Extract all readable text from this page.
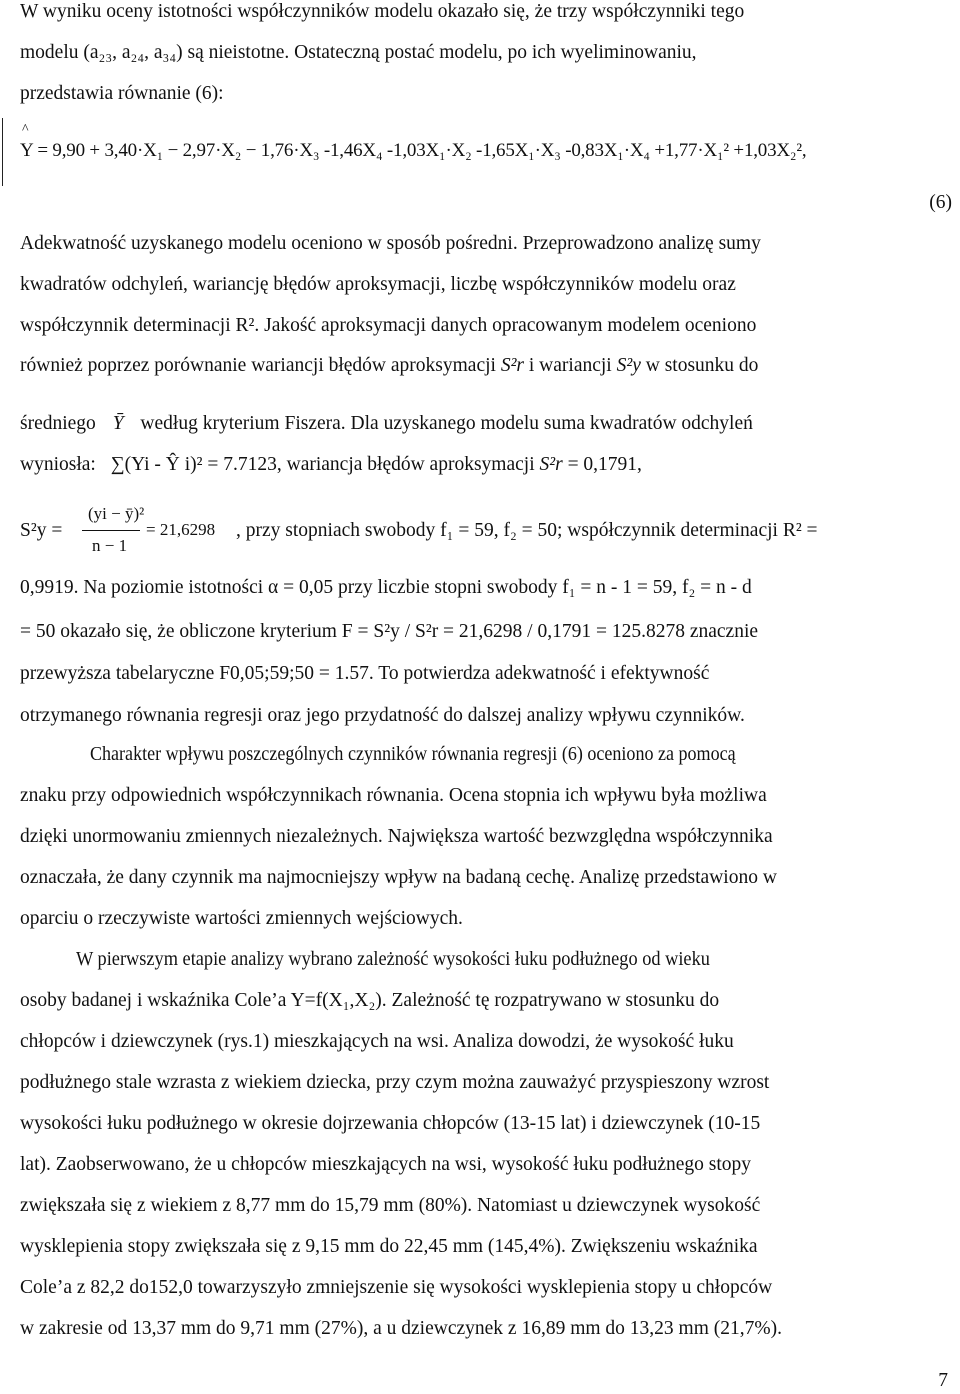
W wyniku oceny istotności współczynników modelu okazało się, że trzy współczynniki tego
modelu (a₂₃, a₂₄, a₃₄) są nieistotne. Ostateczną postać modelu, po ich wyeliminowaniu,
przedstawia równanie (6):
^
Y = 9,90 + 3,40·X₁ − 2,97·X₂ − 1,76·X₃ -1,46X₄ -1,03X₁·X₂ -1,65X₁·X₃ -0,83X₁·X₄ +1,77·X₁² +1,03X₂²,
(6)
Adekwatność uzyskanego modelu oceniono w sposób pośredni. Przeprowadzono analizę sumy
kwadratów odchyleń, wariancję błędów aproksymacji, liczbę współczynników modelu oraz
współczynnik determinacji R². Jakość aproksymacji danych opracowanym modelem oceniono
również poprzez porównanie wariancji błędów aproksymacji S²r i wariancji S²y w stosunku do
średniego Ȳ według kryterium Fiszera. Dla uzyskanego modelu suma kwadratów odchyleń
wyniosła: ∑(Yi - Ŷ i)² = 7.7123, wariancja błędów aproksymacji S²r = 0,1791,
S²y =
(yi − ȳ)²
n − 1
= 21,6298 , przy stopniach swobody f₁ = 59, f₂ = 50; współczynnik determinacji R² =
0,9919. Na poziomie istotności α = 0,05 przy liczbie stopni swobody f₁ = n - 1 = 59, f₂ = n - d
= 50 okazało się, że obliczone kryterium F = S²y / S²r = 21,6298 / 0,1791 = 125.8278 znacznie
przewyższa tabelaryczne F0,05;59;50 = 1.57. To potwierdza adekwatność i efektywność
otrzymanego równania regresji oraz jego przydatność do dalszej analizy wpływu czynników.
Charakter wpływu poszczególnych czynników równania regresji (6) oceniono za pomocą
znaku przy odpowiednich współczynnikach równania. Ocena stopnia ich wpływu była możliwa
dzięki unormowaniu zmiennych niezależnych. Największa wartość bezwzględna współczynnika
oznaczała, że dany czynnik ma najmocniejszy wpływ na badaną cechę. Analizę przedstawiono w
oparciu o rzeczywiste wartości zmiennych wejściowych.
W pierwszym etapie analizy wybrano zależność wysokości łuku podłużnego od wieku
osoby badanej i wskaźnika Cole’a Y=f(X₁,X₂). Zależność tę rozpatrywano w stosunku do
chłopców i dziewczynek (rys.1) mieszkających na wsi. Analiza dowodzi, że wysokość łuku
podłużnego stale wzrasta z wiekiem dziecka, przy czym można zauważyć przyspieszony wzrost
wysokości łuku podłużnego w okresie dojrzewania chłopców (13-15 lat) i dziewczynek (10-15
lat). Zaobserwowano, że u chłopców mieszkających na wsi, wysokość łuku podłużnego stopy
zwiększała się z wiekiem z 8,77 mm do 15,79 mm (80%). Natomiast u dziewczynek wysokość
wysklepienia stopy zwiększała się z 9,15 mm do 22,45 mm (145,4%). Zwiększeniu wskaźnika
Cole’a z 82,2 do152,0 towarzyszyło zmniejszenie się wysokości wysklepienia stopy u chłopców
w zakresie od 13,37 mm do 9,71 mm (27%), a u dziewczynek z 16,89 mm do 13,23 mm (21,7%).
7
